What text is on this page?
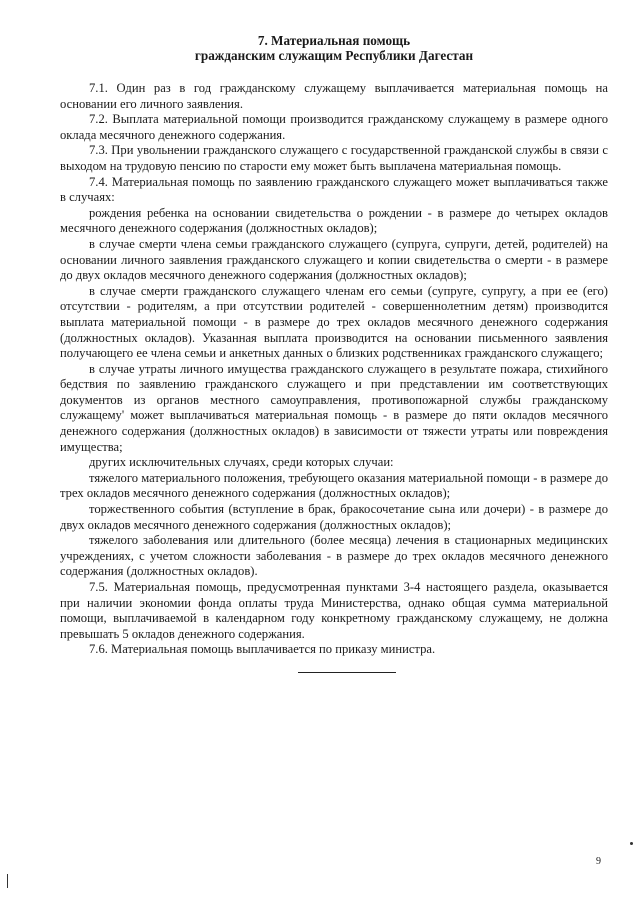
7. Материальная помощь
гражданским служащим Республики Дагестан

7.1. Один раз в год гражданскому служащему выплачивается материальная помощь на основании его личного заявления.

7.2. Выплата материальной помощи производится гражданскому служащему в размере одного оклада месячного денежного содержания.

7.3. При увольнении гражданского служащего с государственной гражданской службы в связи с выходом на трудовую пенсию по старости ему может быть выплачена материальная помощь.

7.4. Материальная помощь по заявлению гражданского служащего может выплачиваться также в случаях:

рождения ребенка на основании свидетельства о рождении - в размере до четырех окладов месячного денежного содержания (должностных окладов);

в случае смерти члена семьи гражданского служащего (супруга, супруги, детей, родителей) на основании личного заявления гражданского служащего и копии свидетельства о смерти - в размере до двух окладов месячного денежного содержания (должностных окладов);

в случае смерти гражданского служащего членам его семьи (супруге, супругу, а при ее (его) отсутствии - родителям, а при отсутствии родителей - совершеннолетним детям) производится выплата материальной помощи - в размере до трех окладов месячного денежного содержания (должностных окладов). Указанная выплата производится на основании письменного заявления получающего ее члена семьи и анкетных данных о близких родственниках гражданского служащего;

в случае утраты личного имущества гражданского служащего в результате пожара, стихийного бедствия по заявлению гражданского служащего и при представлении им соответствующих документов из органов местного самоуправления, противопожарной службы гражданскому служащему' может выплачиваться материальная помощь - в размере до пяти окладов месячного денежного содержания (должностных окладов) в зависимости от тяжести утраты или повреждения имущества;

других исключительных случаях, среди которых случаи:

тяжелого материального положения, требующего оказания материальной помощи - в размере до трех окладов месячного денежного содержания (должностных окладов);

торжественного события (вступление в брак, бракосочетание сына или дочери) - в размере до двух окладов месячного денежного содержания (должностных окладов);

тяжелого заболевания или длительного (более месяца) лечения в стационарных медицинских учреждениях, с учетом сложности заболевания - в размере до трех окладов месячного денежного содержания (должностных окладов).

7.5. Материальная помощь, предусмотренная пунктами 3-4 настоящего раздела, оказывается при наличии экономии фонда оплаты труда Министерства, однако общая сумма материальной помощи, выплачиваемой в календарном году конкретному гражданскому служащему, не должна превышать 5 окладов денежного содержания.

7.6. Материальная помощь выплачивается по приказу министра.

9
